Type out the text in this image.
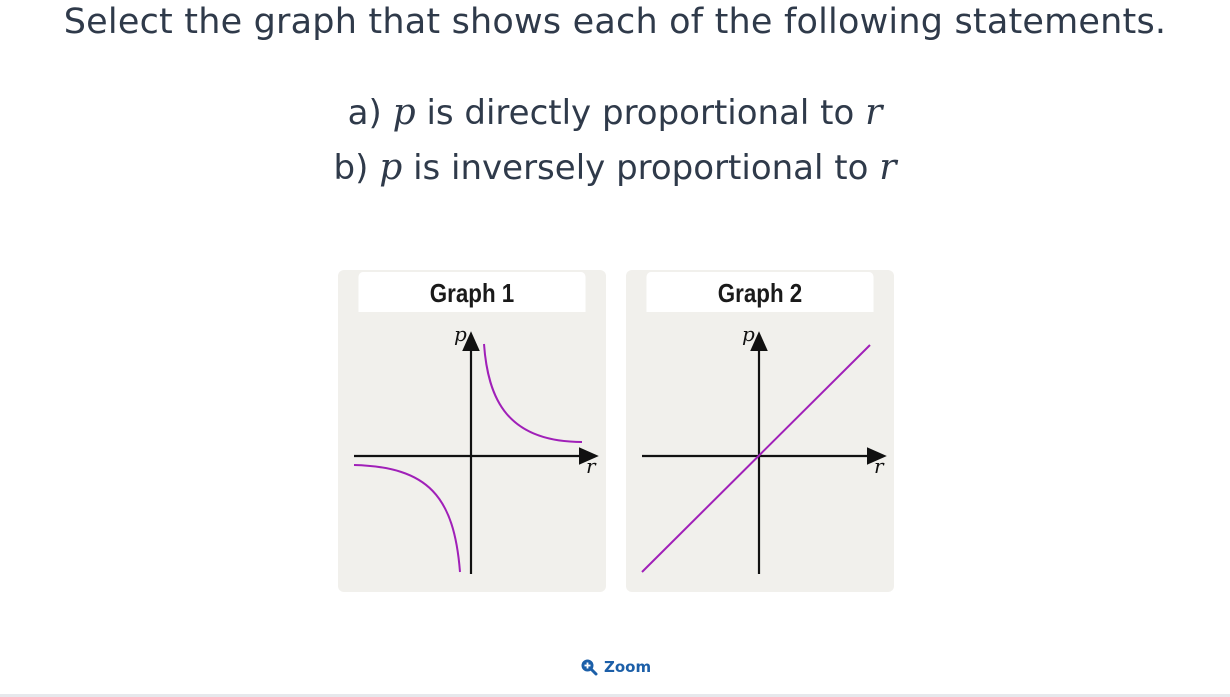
Select the graph that shows each of the following statements.
a) p is directly proportional to r
b) p is inversely proportional to r
p
r
Graph 1
p
r
Graph 2
Zoom
